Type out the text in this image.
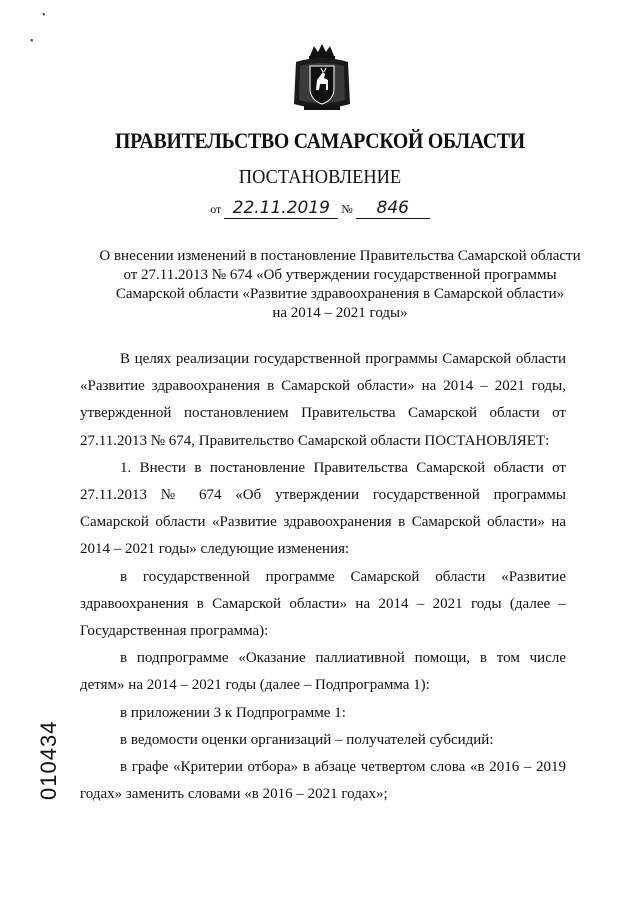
•
•
ПРАВИТЕЛЬСТВО САМАРСКОЙ ОБЛАСТИ
ПОСТАНОВЛЕНИЕ
от 22.11.2019 № 846
О внесении изменений в постановление Правительства Самарской области
от 27.11.2013 № 674 «Об утверждении государственной программы
Самарской области «Развитие здравоохранения в Самарской области»
на 2014 – 2021 годы»

В целях реализации государственной программы Самарской области «Развитие здравоохранения в Самарской области» на 2014 – 2021 годы, утвержденной постановлением Правительства Самарской области от 27.11.2013 № 674, Правительство Самарской области ПОСТАНОВЛЯЕТ:

1. Внести в постановление Правительства Самарской области от 27.11.2013 № 674 «Об утверждении государственной программы Самарской области «Развитие здравоохранения в Самарской области» на 2014 – 2021 годы» следующие изменения:

в государственной программе Самарской области «Развитие здравоохранения в Самарской области» на 2014 – 2021 годы (далее – Государственная программа):

в подпрограмме «Оказание паллиативной помощи, в том числе детям» на 2014 – 2021 годы (далее – Подпрограмма 1):

в приложении 3 к Подпрограмме 1:

в ведомости оценки организаций – получателей субсидий:

в графе «Критерии отбора» в абзаце четвертом слова «в 2016 – 2019 годах» заменить словами «в 2016 – 2021 годах»;

010434
